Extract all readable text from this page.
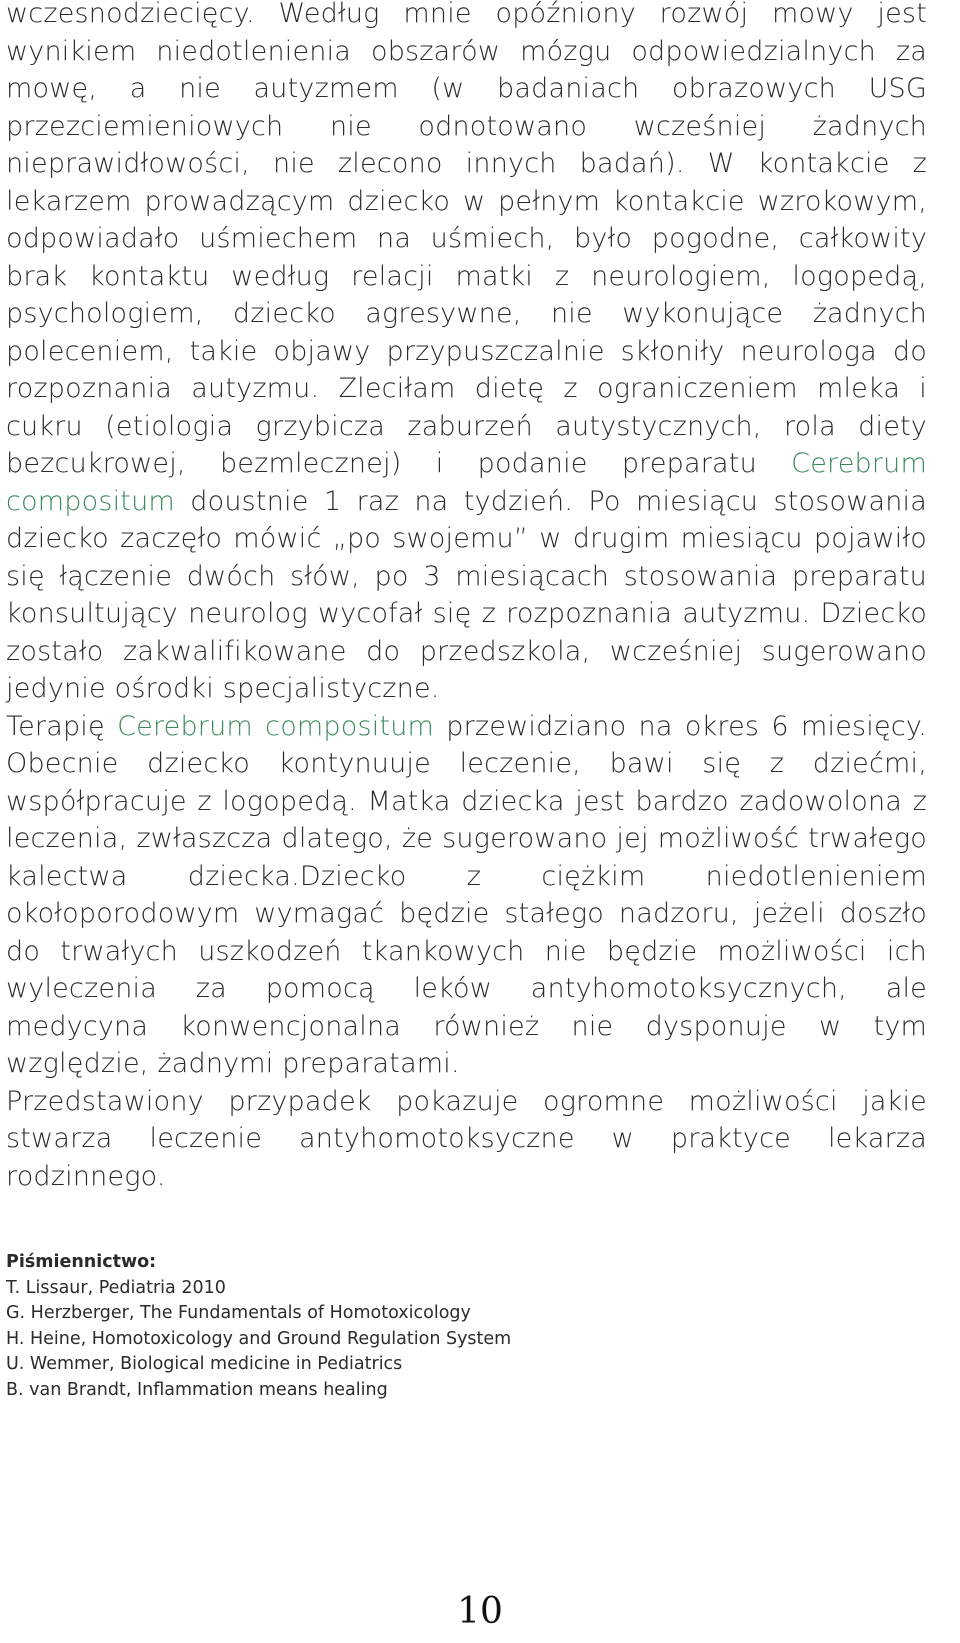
wczesnodziecięcy. Według mnie opóźniony rozwój mowy jest wynikiem niedotlenienia obszarów mózgu odpowiedzialnych za mowę, a nie autyzmem (w badaniach obrazowych USG przezciemieniowych nie odnotowano wcześniej żadnych nieprawidłowości, nie zlecono innych badań). W kontakcie z lekarzem prowadzącym dziecko w pełnym kontakcie wzrokowym, odpowiadało uśmiechem na uśmiech, było pogodne, całkowity brak kontaktu według relacji matki z neurologiem, logopedą, psychologiem, dziecko agresywne, nie wykonujące żadnych poleceniem, takie objawy przypuszczalnie skłoniły neurologa do rozpoznania autyzmu. Zleciłam dietę z ograniczeniem mleka i cukru (etiologia grzybicza zaburzeń autystycznych, rola diety bezcukrowej, bezmlecznej) i podanie preparatu Cerebrum compositum doustnie 1 raz na tydzień. Po miesiącu stosowania dziecko zaczęło mówić „po swojemu” w drugim miesiącu pojawiło się łączenie dwóch słów, po 3 miesiącach stosowania preparatu konsultujący neurolog wycofał się z rozpoznania autyzmu. Dziecko zostało zakwalifikowane do przedszkola, wcześniej sugerowano jedynie ośrodki specjalistyczne.

Terapię Cerebrum compositum przewidziano na okres 6 miesięcy. Obecnie dziecko kontynuuje leczenie, bawi się z dziećmi, współpracuje z logopedą. Matka dziecka jest bardzo zadowolona z leczenia, zwłaszcza dlatego, że sugerowano jej możliwość trwałego kalectwa dziecka.Dziecko z ciężkim niedotlenieniem okołoporodowym wymagać będzie stałego nadzoru, jeżeli doszło do trwałych uszkodzeń tkankowych nie będzie możliwości ich wyleczenia za pomocą leków antyhomotoksycznych, ale medycyna konwencjonalna również nie dysponuje w tym względzie, żadnymi preparatami.

Przedstawiony przypadek pokazuje ogromne możliwości jakie stwarza leczenie antyhomotoksyczne w praktyce lekarza rodzinnego.

Piśmiennictwo:
T. Lissaur, Pediatria 2010
G. Herzberger, The Fundamentals of Homotoxicology
H. Heine, Homotoxicology and Ground Regulation System
U. Wemmer, Biological medicine in Pediatrics
B. van Brandt, Inflammation means healing
10
